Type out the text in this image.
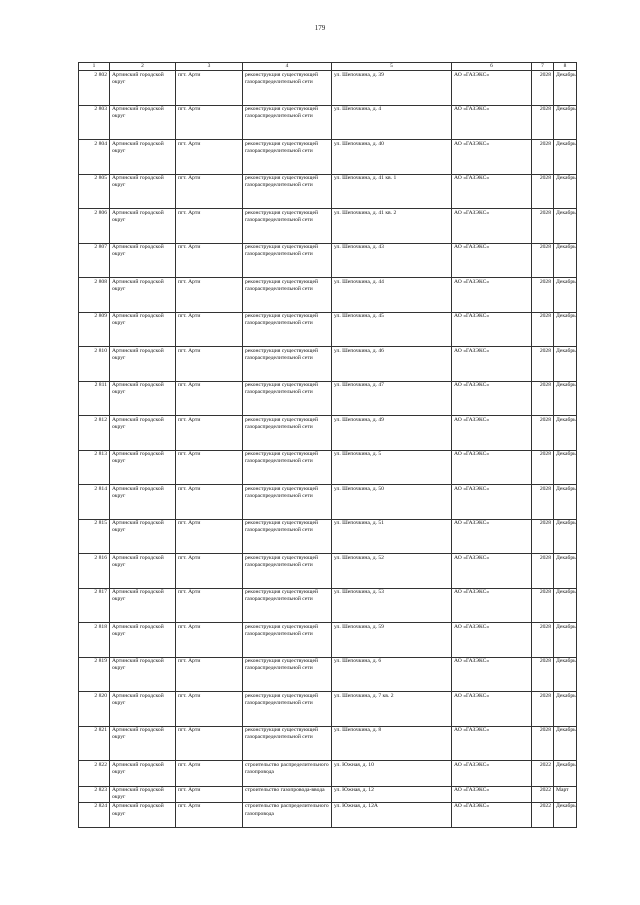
179
1	2	3	4	5	6	7	8
2 802	Артинский городской округ	пгт. Арти	реконструкция существующей газораспределительной сети	ул. Шепочкина, д. 39	АО «ГАЗЭКС»	2028	Декабрь
2 803	Артинский городской округ	пгт. Арти	реконструкция существующей газораспределительной сети	ул. Шепочкина, д. 4	АО «ГАЗЭКС»	2028	Декабрь
2 804	Артинский городской округ	пгт. Арти	реконструкция существующей газораспределительной сети	ул. Шепочкина, д. 40	АО «ГАЗЭКС»	2028	Декабрь
2 805	Артинский городской округ	пгт. Арти	реконструкция существующей газораспределительной сети	ул. Шепочкина, д. 41 кв. 1	АО «ГАЗЭКС»	2028	Декабрь
2 806	Артинский городской округ	пгт. Арти	реконструкция существующей газораспределительной сети	ул. Шепочкина, д. 41 кв. 2	АО «ГАЗЭКС»	2028	Декабрь
2 807	Артинский городской округ	пгт. Арти	реконструкция существующей газораспределительной сети	ул. Шепочкина, д. 43	АО «ГАЗЭКС»	2028	Декабрь
2 808	Артинский городской округ	пгт. Арти	реконструкция существующей газораспределительной сети	ул. Шепочкина, д. 44	АО «ГАЗЭКС»	2028	Декабрь
2 809	Артинский городской округ	пгт. Арти	реконструкция существующей газораспределительной сети	ул. Шепочкина, д. 45	АО «ГАЗЭКС»	2028	Декабрь
2 810	Артинский городской округ	пгт. Арти	реконструкция существующей газораспределительной сети	ул. Шепочкина, д. 46	АО «ГАЗЭКС»	2028	Декабрь
2 811	Артинский городской округ	пгт. Арти	реконструкция существующей газораспределительной сети	ул. Шепочкина, д. 47	АО «ГАЗЭКС»	2028	Декабрь
2 812	Артинский городской округ	пгт. Арти	реконструкция существующей газораспределительной сети	ул. Шепочкина, д. 49	АО «ГАЗЭКС»	2028	Декабрь
2 813	Артинский городской округ	пгт. Арти	реконструкция существующей газораспределительной сети	ул. Шепочкина, д. 5	АО «ГАЗЭКС»	2028	Декабрь
2 814	Артинский городской округ	пгт. Арти	реконструкция существующей газораспределительной сети	ул. Шепочкина, д. 50	АО «ГАЗЭКС»	2028	Декабрь
2 815	Артинский городской округ	пгт. Арти	реконструкция существующей газораспределительной сети	ул. Шепочкина, д. 51	АО «ГАЗЭКС»	2028	Декабрь
2 816	Артинский городской округ	пгт. Арти	реконструкция существующей газораспределительной сети	ул. Шепочкина, д. 52	АО «ГАЗЭКС»	2028	Декабрь
2 817	Артинский городской округ	пгт. Арти	реконструкция существующей газораспределительной сети	ул. Шепочкина, д. 53	АО «ГАЗЭКС»	2028	Декабрь
2 818	Артинский городской округ	пгт. Арти	реконструкция существующей газораспределительной сети	ул. Шепочкина, д. 59	АО «ГАЗЭКС»	2028	Декабрь
2 819	Артинский городской округ	пгт. Арти	реконструкция существующей газораспределительной сети	ул. Шепочкина, д. 6	АО «ГАЗЭКС»	2028	Декабрь
2 820	Артинский городской округ	пгт. Арти	реконструкция существующей газораспределительной сети	ул. Шепочкина, д. 7 кв. 2	АО «ГАЗЭКС»	2028	Декабрь
2 821	Артинский городской округ	пгт. Арти	реконструкция существующей газораспределительной сети	ул. Шепочкина, д. 8	АО «ГАЗЭКС»	2028	Декабрь
2 822	Артинский городской округ	пгт. Арти	строительство распределительного газопровода	ул. Южная, д. 10	АО «ГАЗЭКС»	2022	Декабрь
2 823	Артинский городской округ	пгт. Арти	строительство газопровода-ввода	ул. Южная, д. 12	АО «ГАЗЭКС»	2022	Март
2 824	Артинский городской округ	пгт. Арти	строительство распределительного газопровода	ул. Южная, д. 12А	АО «ГАЗЭКС»	2022	Декабрь
